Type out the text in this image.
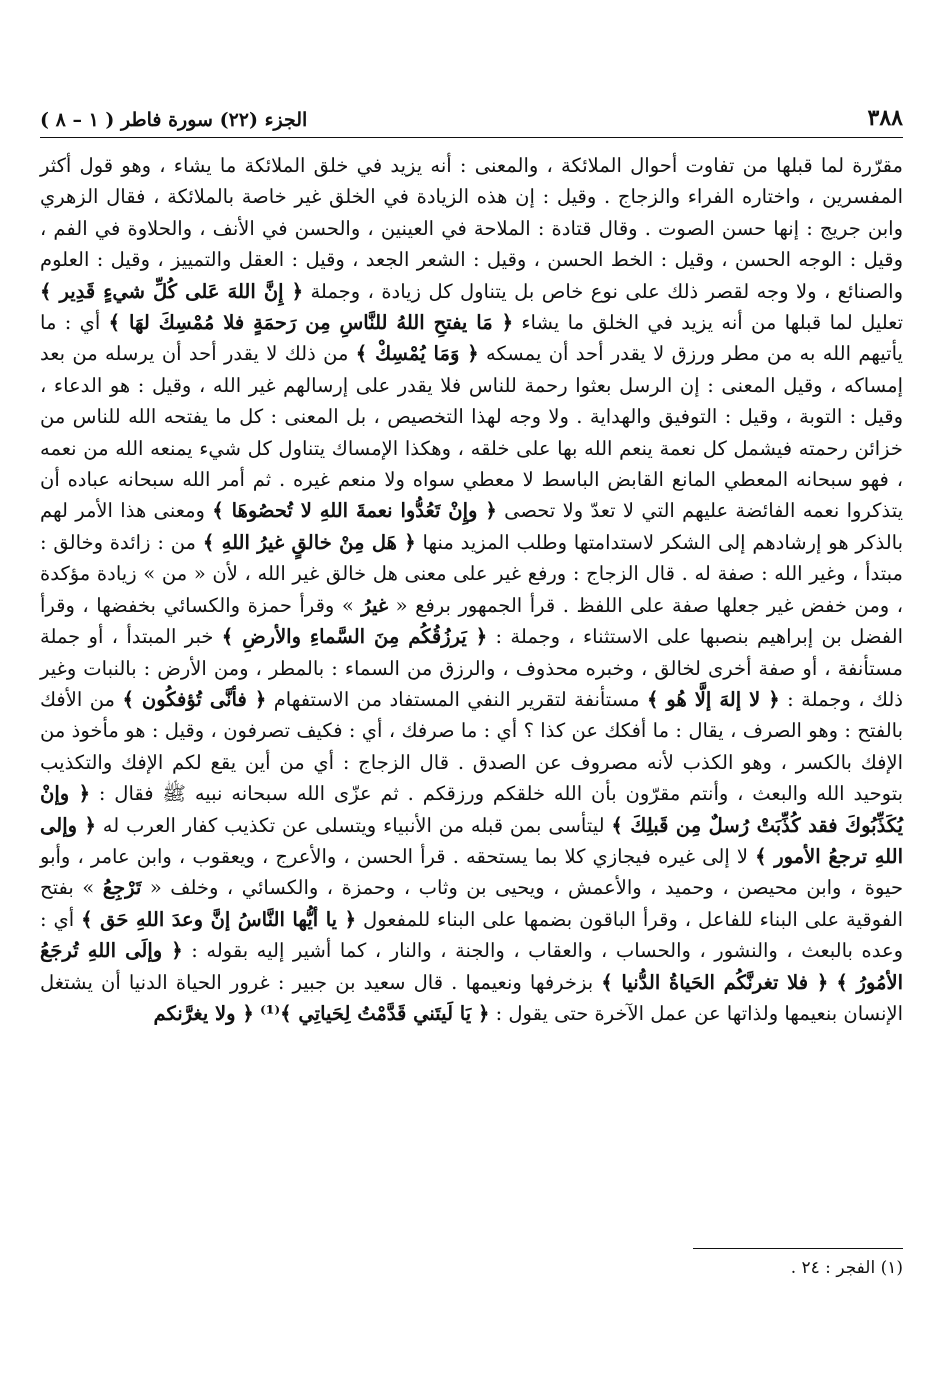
٣٨٨
الجزء (٢٢) سورة فاطر ( ١ – ٨ )

مقرّرة لما قبلها من تفاوت أحوال الملائكة ، والمعنى : أنه يزيد في خلق الملائكة ما يشاء ، وهو قول أكثر المفسرين ، واختاره الفراء والزجاج . وقيل : إن هذه الزيادة في الخلق غير خاصة بالملائكة ، فقال الزهري وابن جريج : إنها حسن الصوت . وقال قتادة : الملاحة في العينين ، والحسن في الأنف ، والحلاوة في الفم ، وقيل : الوجه الحسن ، وقيل : الخط الحسن ، وقيل : الشعر الجعد ، وقيل : العقل والتمييز ، وقيل : العلوم والصنائع ، ولا وجه لقصر ذلك على نوع خاص بل يتناول كل زيادة ، وجملة ﴿ إِنَّ اللهَ عَلى كُلِّ شيءٍ قَدِير ﴾ تعليل لما قبلها من أنه يزيد في الخلق ما يشاء ﴿ مَا يفتحِ اللهُ للنَّاسِ مِن رَحمَةٍ فلا مُمْسِكَ لهَا ﴾ أي : ما يأتيهم الله به من مطر ورزق لا يقدر أحد أن يمسكه ﴿ وَمَا يُمْسِكْ ﴾ من ذلك لا يقدر أحد أن يرسله من بعد إمساكه ، وقيل المعنى : إن الرسل بعثوا رحمة للناس فلا يقدر على إرسالهم غير الله ، وقيل : هو الدعاء ، وقيل : التوبة ، وقيل : التوفيق والهداية . ولا وجه لهذا التخصيص ، بل المعنى : كل ما يفتحه الله للناس من خزائن رحمته فيشمل كل نعمة ينعم الله بها على خلقه ، وهكذا الإمساك يتناول كل شيء يمنعه الله من نعمه ، فهو سبحانه المعطي المانع القابض الباسط لا معطي سواه ولا منعم غيره . ثم أمر الله سبحانه عباده أن يتذكروا نعمه الفائضة عليهم التي لا تعدّ ولا تحصى ﴿ وإِنْ تَعُدُّوا نعمةَ اللهِ لا تُحصُوهَا ﴾ ومعنى هذا الأمر لهم بالذكر هو إرشادهم إلى الشكر لاستدامتها وطلب المزيد منها ﴿ هَل مِنْ خالقٍ غيرُ اللهِ ﴾ من : زائدة وخالق : مبتدأ ، وغير الله : صفة له . قال الزجاج : ورفع غير على معنى هل خالق غير الله ، لأن « من » زيادة مؤكدة ، ومن خفض غير جعلها صفة على اللفظ . قرأ الجمهور برفع « غيرُ » وقرأ حمزة والكسائي بخفضها ، وقرأ الفضل بن إبراهيم بنصبها على الاستثناء ، وجملة : ﴿ يَرزُقُكُم مِنَ السَّماءِ والأرضِ ﴾ خبر المبتدأ ، أو جملة مستأنفة ، أو صفة أخرى لخالق ، وخبره محذوف ، والرزق من السماء : بالمطر ، ومن الأرض : بالنبات وغير ذلك ، وجملة : ﴿ لا إلهَ إلَّا هُو ﴾ مستأنفة لتقرير النفي المستفاد من الاستفهام ﴿ فأنَّى تُؤفكُون ﴾ من الأفك بالفتح : وهو الصرف ، يقال : ما أفكك عن كذا ؟ أي : ما صرفك ، أي : فكيف تصرفون ، وقيل : هو مأخوذ من الإفك بالكسر ، وهو الكذب لأنه مصروف عن الصدق . قال الزجاج : أي من أين يقع لكم الإفك والتكذيب بتوحيد الله والبعث ، وأنتم مقرّون بأن الله خلقكم ورزقكم . ثم عزّى الله سبحانه نبيه ﷺ فقال : ﴿ وإنْ يُكَذِّبُوكَ فقد كُذِّبَتْ رُسلٌ مِن قَبلِكَ ﴾ ليتأسى بمن قبله من الأنبياء ويتسلى عن تكذيب كفار العرب له ﴿ وإلى اللهِ ترجعُ الأمور ﴾ لا إلى غيره فيجازي كلا بما يستحقه . قرأ الحسن ، والأعرج ، ويعقوب ، وابن عامر ، وأبو حيوة ، وابن محيصن ، وحميد ، والأعمش ، ويحيى بن وثاب ، وحمزة ، والكسائي ، وخلف « تَرْجِعُ » بفتح الفوقية على البناء للفاعل ، وقرأ الباقون بضمها على البناء للمفعول ﴿ يا أيُّها النَّاسُ إنَّ وعدَ اللهِ حَق ﴾ أي : وعده بالبعث ، والنشور ، والحساب ، والعقاب ، والجنة ، والنار ، كما أشير إليه بقوله : ﴿ وإلَى اللهِ تُرجَعُ الأمُورُ ﴾ ﴿ فلا تغرنَّكُم الحَياةُ الدُّنيا ﴾ بزخرفها ونعيمها . قال سعيد بن جبير : غرور الحياة الدنيا أن يشتغل الإنسان بنعيمها ولذاتها عن عمل الآخرة حتى يقول : ﴿ يَا لَيتَني قَدَّمْتُ لِحَياتِي ﴾⁽¹⁾ ﴿ ولا يغرَّنكم

(١) الفجر : ٢٤ .
